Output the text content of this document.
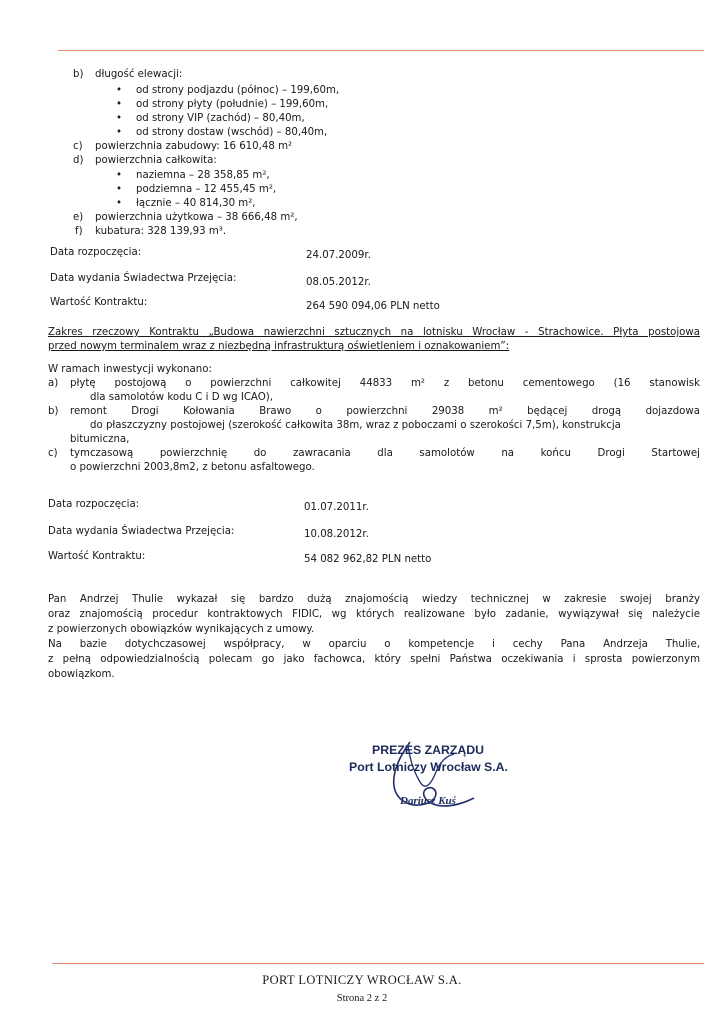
b) długość elewacji:
• od strony podjazdu (północ) – 199,60m,
• od strony płyty (południe) – 199,60m,
• od strony VIP (zachód) – 80,40m,
• od strony dostaw (wschód) – 80,40m,
c) powierzchnia zabudowy: 16 610,48 m²
d) powierzchnia całkowita:
• naziemna – 28 358,85 m²,
• podziemna – 12 455,45 m²,
• łącznie – 40 814,30 m²,
e) powierzchnia użytkowa – 38 666,48 m²,
f) kubatura: 328 139,93 m³.
Data rozpoczęcia:	24.07.2009r.
Data wydania Świadectwa Przejęcia:	08.05.2012r.
Wartość Kontraktu:	264 590 094,06 PLN netto
Zakres rzeczowy Kontraktu „Budowa nawierzchni sztucznych na lotnisku Wrocław - Strachowice. Płyta postojowa
przed nowym terminalem wraz z niezbędną infrastrukturą oświetleniem i oznakowaniem”:
W ramach inwestycji wykonano:
a) płytę postojową o powierzchni całkowitej 44833 m² z betonu cementowego (16 stanowisk
dla samolotów kodu C i D wg ICAO),
b) remont Drogi Kołowania Brawo o powierzchni 29038 m² będącej drogą dojazdowa
do płaszczyzny postojowej (szerokość całkowita 38m, wraz z poboczami o szerokości 7,5m), konstrukcja
bitumiczna,
c) tymczasową powierzchnię do zawracania dla samolotów na końcu Drogi Startowej
o powierzchni 2003,8m2, z betonu asfaltowego.
Data rozpoczęcia:	01.07.2011r.
Data wydania Świadectwa Przejęcia:	10.08.2012r.
Wartość Kontraktu:	54 082 962,82 PLN netto
Pan Andrzej Thulie wykazał się bardzo dużą znajomością wiedzy technicznej w zakresie swojej branży
oraz znajomością procedur kontraktowych FIDIC, wg których realizowane było zadanie, wywiązywał się należycie
z powierzonych obowiązków wynikających z umowy.
Na bazie dotychczasowej współpracy, w oparciu o kompetencje i cechy Pana Andrzeja Thulie,
z pełną odpowiedzialnością polecam go jako fachowca, który spełni Państwa oczekiwania i sprosta powierzonym
obowiązkom.
PREZES ZARZĄDU
Port Lotniczy Wrocław S.A.
Dariusz Kuś
PORT LOTNICZY WROCŁAW S.A.
Strona 2 z 2
